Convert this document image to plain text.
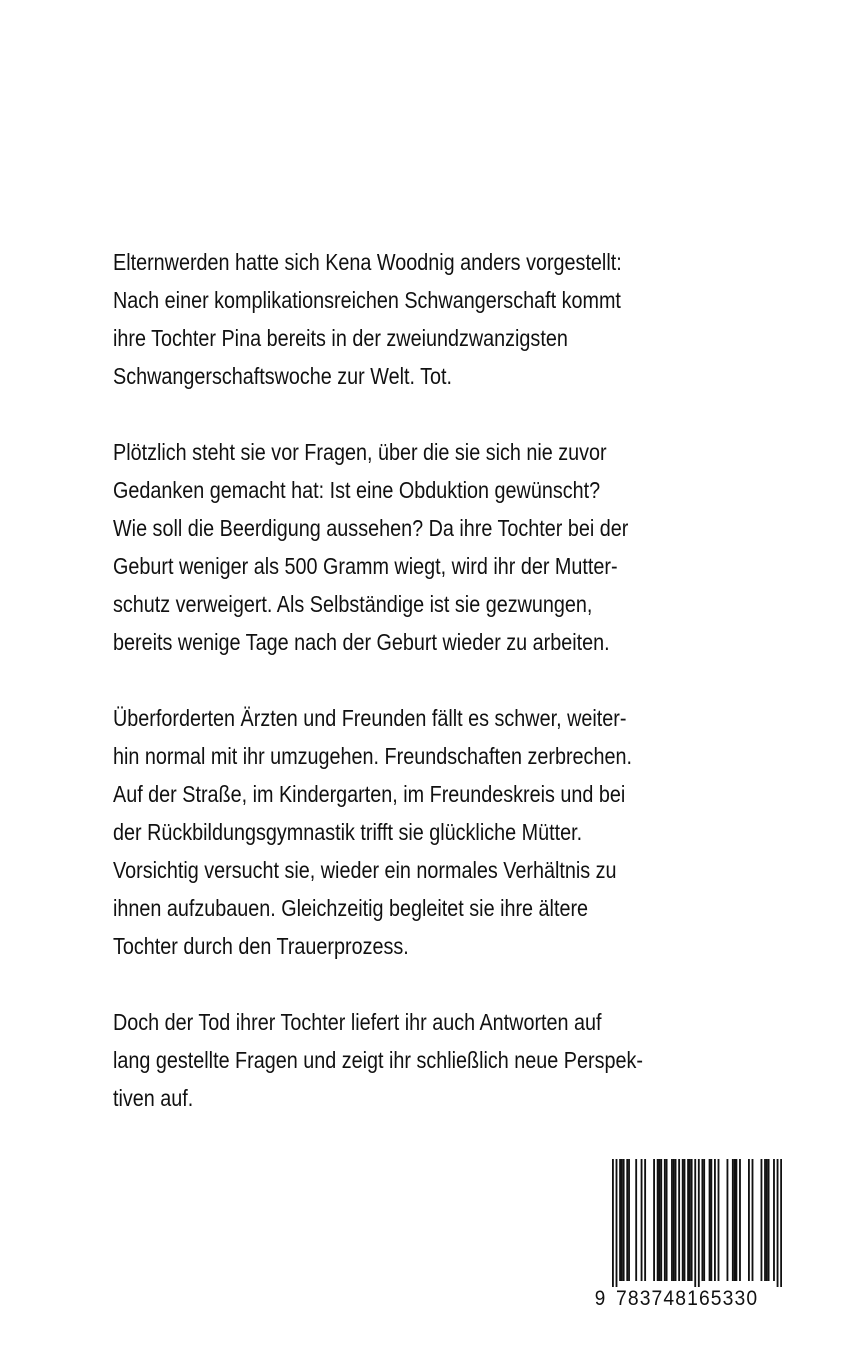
Elternwerden hatte sich Kena Woodnig anders vorgestellt:
Nach einer komplikationsreichen Schwangerschaft kommt
ihre Tochter Pina bereits in der zweiundzwanzigsten
Schwangerschaftswoche zur Welt. Tot.

Plötzlich steht sie vor Fragen, über die sie sich nie zuvor
Gedanken gemacht hat: Ist eine Obduktion gewünscht?
Wie soll die Beerdigung aussehen? Da ihre Tochter bei der
Geburt weniger als 500 Gramm wiegt, wird ihr der Mutter-
schutz verweigert. Als Selbständige ist sie gezwungen,
bereits wenige Tage nach der Geburt wieder zu arbeiten.

Überforderten Ärzten und Freunden fällt es schwer, weiter-
hin normal mit ihr umzugehen. Freundschaften zerbrechen.
Auf der Straße, im Kindergarten, im Freundeskreis und bei
der Rückbildungsgymnastik trifft sie glückliche Mütter.
Vorsichtig versucht sie, wieder ein normales Verhältnis zu
ihnen aufzubauen. Gleichzeitig begleitet sie ihre ältere
Tochter durch den Trauerprozess.

Doch der Tod ihrer Tochter liefert ihr auch Antworten auf
lang gestellte Fragen und zeigt ihr schließlich neue Perspek-
tiven auf.

9 783748165330
